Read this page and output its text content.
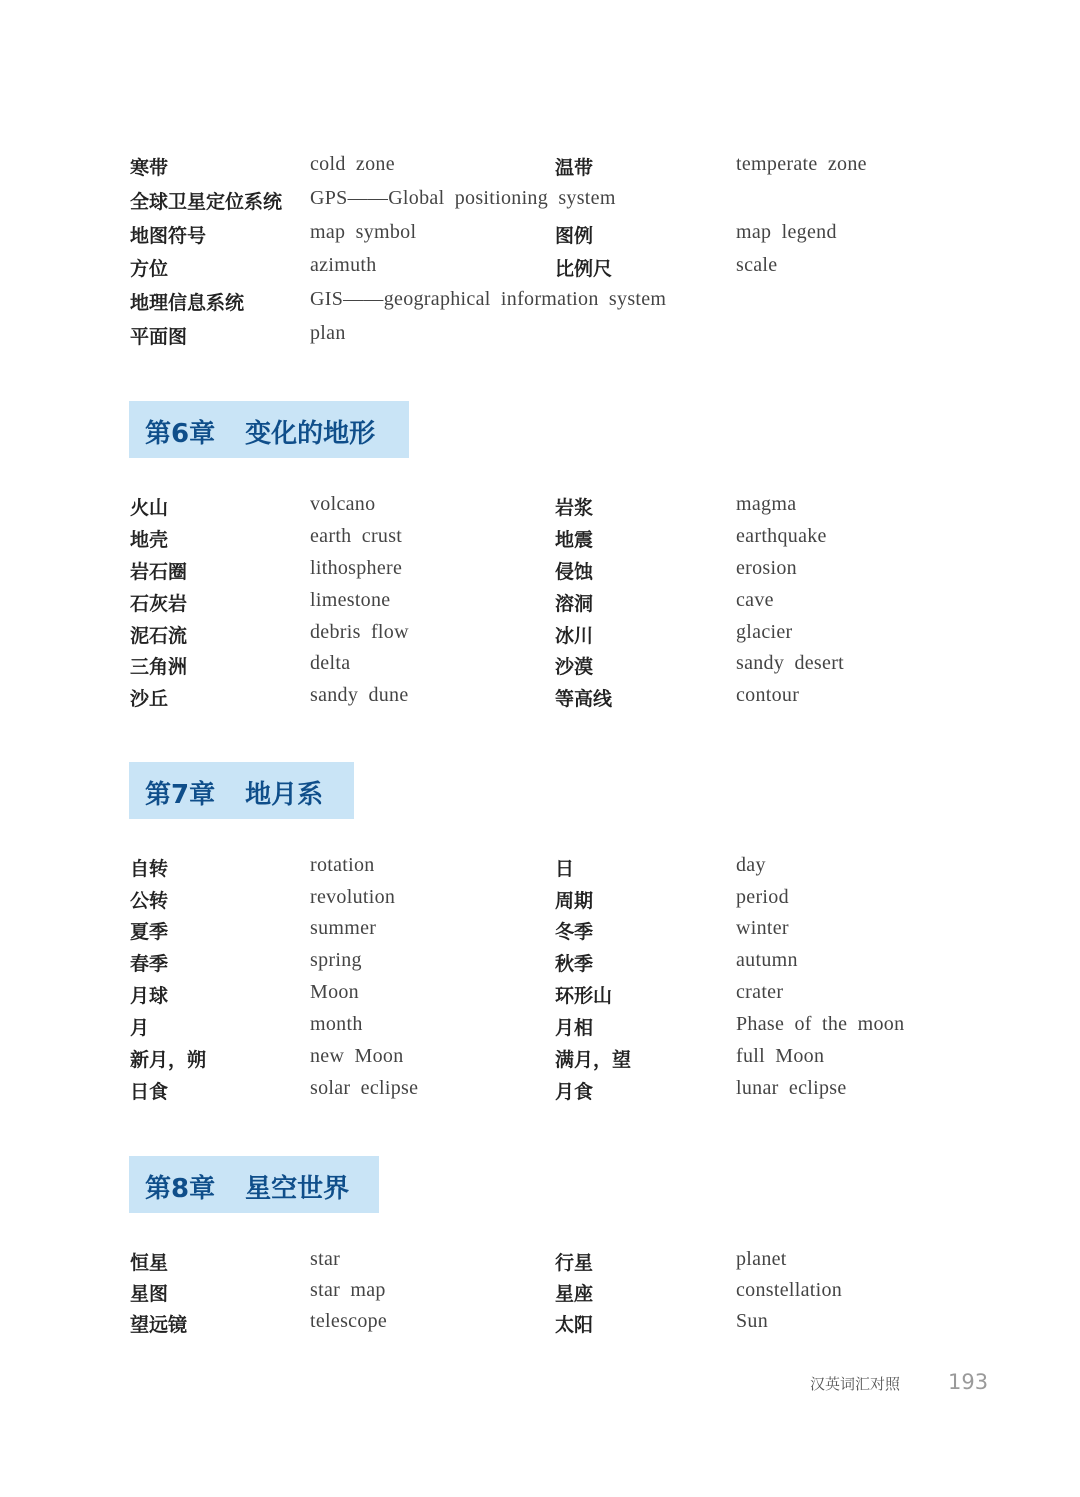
寒带	cold zone	温带	temperate zone
全球卫星定位系统 GPS——Global positioning system
地图符号	map symbol	图例	map legend
方位	azimuth	比例尺	scale
地理信息系统	GIS——geographical information system
平面图	plan
第6章 变化的地形
火山	volcano	岩浆	magma
地壳	earth crust	地震	earthquake
岩石圈	lithosphere	侵蚀	erosion
石灰岩	limestone	溶洞	cave
泥石流	debris flow	冰川	glacier
三角洲	delta	沙漠	sandy desert
沙丘	sandy dune	等高线	contour
第7章 地月系
自转	rotation	日	day
公转	revolution	周期	period
夏季	summer	冬季	winter
春季	spring	秋季	autumn
月球	Moon	环形山	crater
月	month	月相	Phase of the moon
新月，朔	new Moon	满月，望	full Moon
日食	solar eclipse	月食	lunar eclipse
第8章 星空世界
恒星	star	行星	planet
星图	star map	星座	constellation
望远镜	telescope	太阳	Sun
汉英词汇对照 193
